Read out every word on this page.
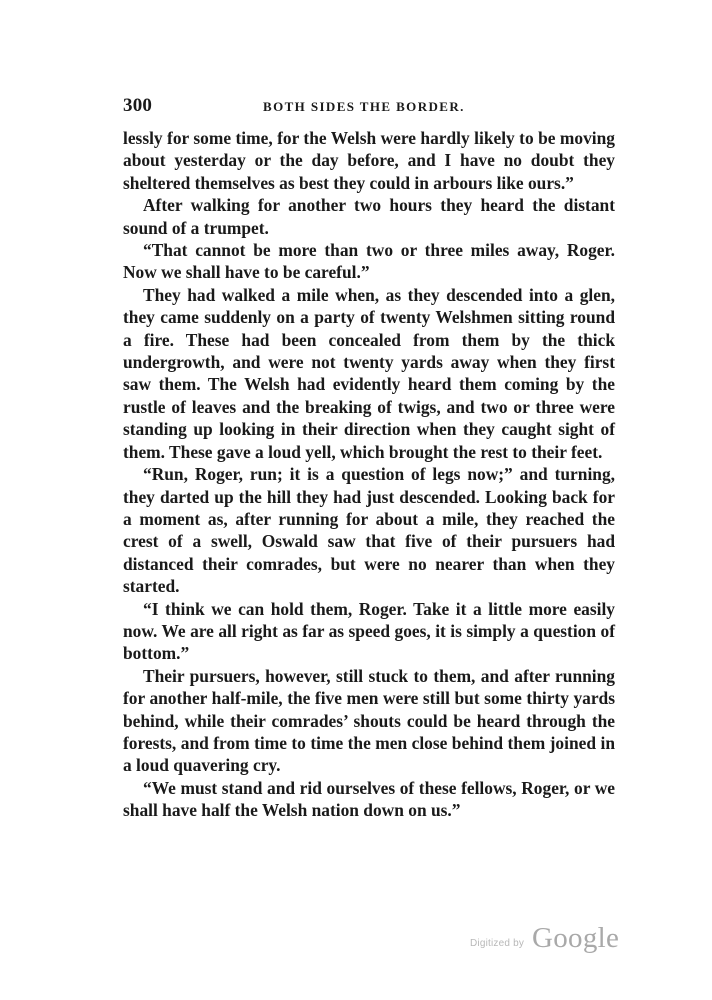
300	BOTH SIDES THE BORDER.

lessly for some time, for the Welsh were hardly likely to be moving about yesterday or the day before, and I have no doubt they sheltered themselves as best they could in arbours like ours.”

After walking for another two hours they heard the distant sound of a trumpet.

“That cannot be more than two or three miles away, Roger. Now we shall have to be careful.”

They had walked a mile when, as they descended into a glen, they came suddenly on a party of twenty Welshmen sitting round a fire. These had been concealed from them by the thick undergrowth, and were not twenty yards away when they first saw them. The Welsh had evidently heard them coming by the rustle of leaves and the breaking of twigs, and two or three were standing up looking in their direction when they caught sight of them. These gave a loud yell, which brought the rest to their feet.

“Run, Roger, run; it is a question of legs now;” and turning, they darted up the hill they had just descended. Looking back for a moment as, after running for about a mile, they reached the crest of a swell, Oswald saw that five of their pursuers had distanced their comrades, but were no nearer than when they started.

“I think we can hold them, Roger. Take it a little more easily now. We are all right as far as speed goes, it is simply a question of bottom.”

Their pursuers, however, still stuck to them, and after running for another half-mile, the five men were still but some thirty yards behind, while their comrades’ shouts could be heard through the forests, and from time to time the men close behind them joined in a loud quavering cry.

“We must stand and rid ourselves of these fellows, Roger, or we shall have half the Welsh nation down on us.”

Digitized by Google
